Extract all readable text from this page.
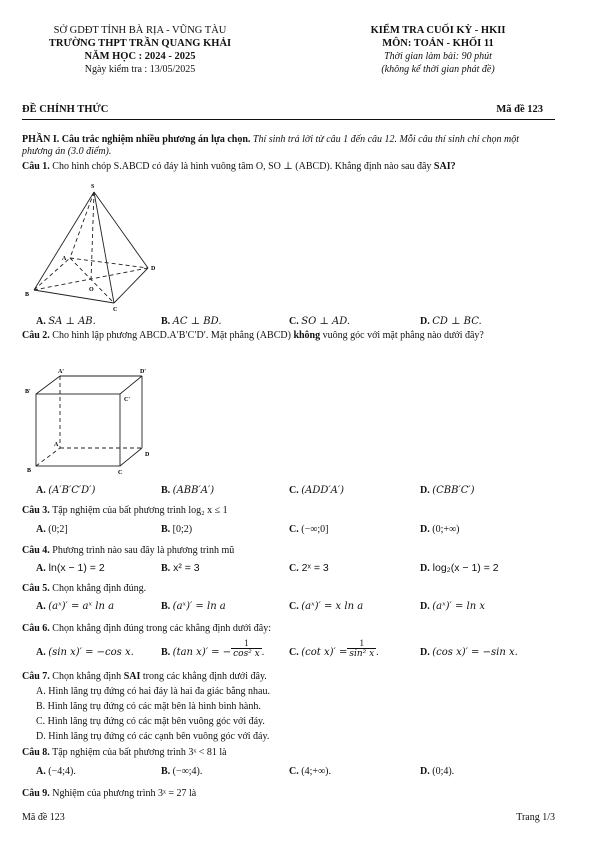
SỞ GDĐT TỈNH BÀ RỊA - VŨNG TÀU
TRƯỜNG THPT TRẦN QUANG KHẢI
NĂM HỌC : 2024 - 2025
Ngày kiểm tra : 13/05/2025
KIỂM TRA CUỐI KỲ - HKII
MÔN: TOÁN - KHỐI 11
Thời gian làm bài: 90 phút
(không kể thời gian phát đề)
ĐỀ CHÍNH THỨC	Mã đề 123
PHẦN I. Câu trắc nghiệm nhiều phương án lựa chọn. Thí sinh trả lời từ câu 1 đến câu 12. Mỗi câu thí sinh chỉ chọn một phương án (3.0 điểm).
Câu 1. Cho hình chóp S.ABCD có đáy là hình vuông tâm O, SO ⊥ (ABCD). Khẳng định nào sau đây SAI?
S
A
D
O
B
C
A. SA ⊥ AB.	B. AC ⊥ BD.	C. SO ⊥ AD.	D. CD ⊥ BC.
Câu 2. Cho hình lập phương ABCD.A′B′C′D′. Mặt phẳng (ABCD) không vuông góc với mặt phẳng nào dưới đây?
A′	D′
B′
C′
A
D
B	C
A. (A′B′C′D′)	B. (ABB′A′)	C. (ADD′A′)	D. (CBB′C′)
Câu 3. Tập nghiệm của bất phương trình log₂ x ≤ 1
A. (0;2]	B. [0;2)	C. (−∞;0]	D. (0;+∞)
Câu 4. Phương trình nào sau đây là phương trình mũ
A. ln(x − 1) = 2	B. x² = 3	C. 2ˣ = 3	D. log₂(x − 1) = 2
Câu 5. Chọn khẳng định đúng.
A. (aˣ)′ = aˣ ln a	B. (aˣ)′ = ln a	C. (aˣ)′ = x ln a	D. (aˣ)′ = ln x
Câu 6. Chọn khẳng định đúng trong các khẳng định dưới đây:
A. (sin x)′ = −cos x.	B. (tan x)′ = − $\frac{1}{\text{cos² x}}$ . C. (cot $x)' = \frac{1}{\text{sin² x}}$ .	D. (cos x)′ = −sin x.
Câu 7. Chọn khẳng định SAI trong các khẳng định dưới đây.
A. Hình lăng trụ đứng có hai đáy là hai đa giác bằng nhau.
B. Hình lăng trụ đứng có các mặt bên là hình bình hành.
C. Hình lăng trụ đứng có các mặt bên vuông góc với đáy.
D. Hình lăng trụ đứng có các cạnh bên vuông góc với đáy.
Câu 8. Tập nghiệm của bất phương trình 3ˣ < 81 là
A. (−4;4).	B. (−∞;4).	C. (4;+∞).	D. (0;4).
Câu 9. Nghiệm của phương trình 3ˣ = 27 là
Mã đề 123	Trang 1/3
